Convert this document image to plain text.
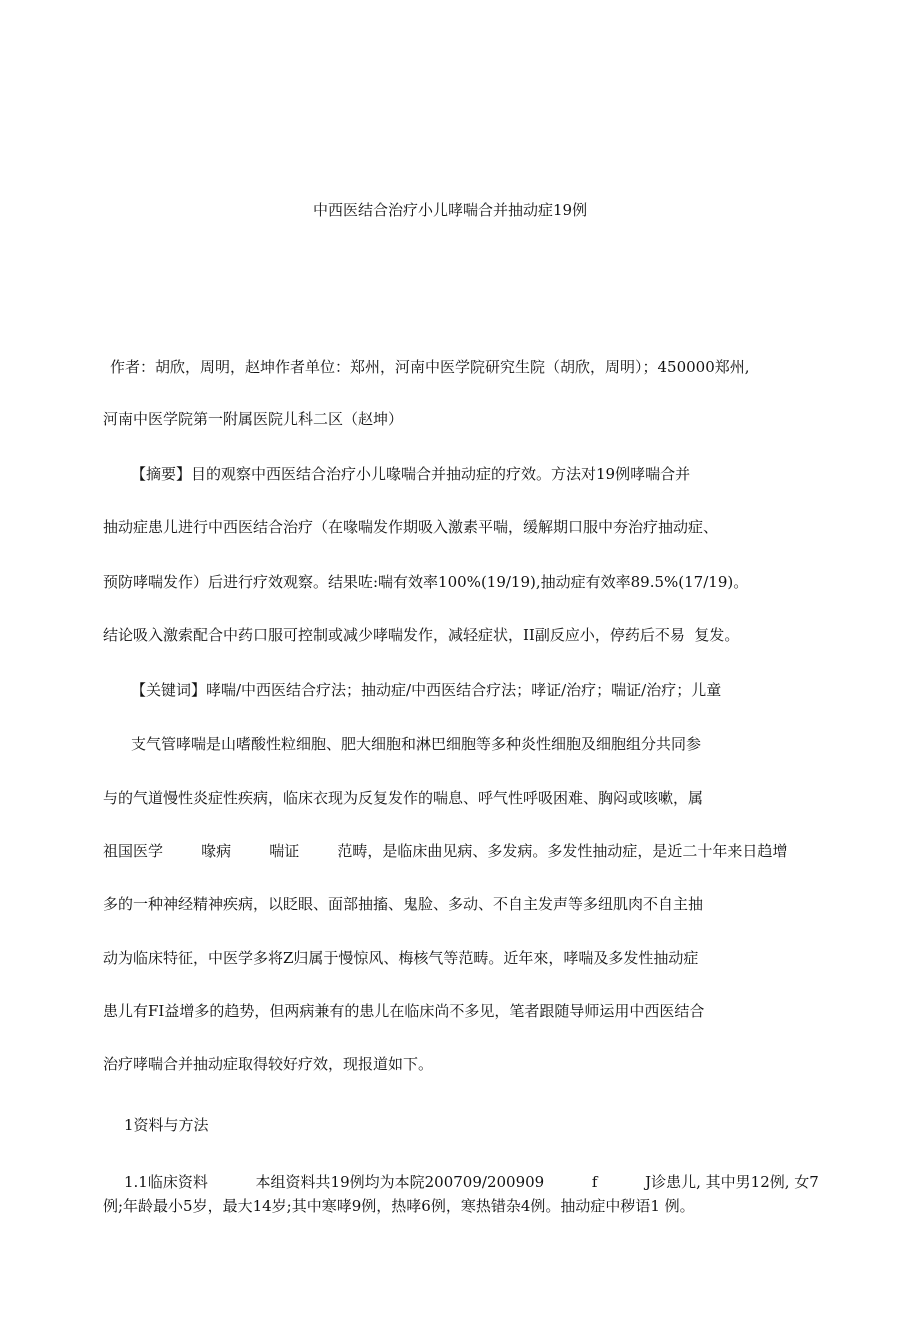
中西医结合治疗小儿哮喘合并抽动症19例

作者：胡欣，周明，赵坤作者单位：郑州，河南中医学院研究生院（胡欣，周明）；450000郑州,

河南中医学院第一附属医院儿科二区（赵坤）

【摘要】目的观察中西医结合治疗小儿喙喘合并抽动症的疗效。方法对19例哮喘合并

抽动症患儿进行中西医结合治疗（在喙喘发作期吸入激素平喘，缓解期口服中夯治疗抽动症、

预防哮喘发作）后进行疗效观察。结果咗:喘有效率100%(19/19),抽动症有效率89.5%(17/19)。

结论吸入激索配合中药口服可控制或减少哮喘发作，减轻症状，II副反应小，停药后不易  复发。

【关键词】哮喘/中西医结合疗法；抽动症/中西医结合疗法；哮证/治疗；喘证/治疗；儿童

支气管哮喘是山嗜酸性粒细胞、肥大细胞和淋巴细胞等多种炎性细胞及细胞组分共同参

与的气道慢性炎症性疾病，临床衣现为反复发作的喘息、呼气性呼吸困难、胸闷或咳嗽，属

祖国医学        喙病        喘证        范畴，是临床曲见病、多发病。多发性抽动症，是近二十年来日趋增

多的一种神经精神疾病，以眨眼、面部抽搐、鬼脸、多动、不自主发声等多纽肌肉不自主抽

动为临床特征，中医学多将Z归属于慢惊风、梅核气等范畴。近年來，哮喘及多发性抽动症

患儿有FI益增多的趋势，但两病兼有的患儿在临床尚不多见，笔者跟随导师运用中西医结合

治疗哮喘合并抽动症取得较好疗效，现报道如下。

1资料与方法

1.1临床资料          本组资料共19例均为本院200709/200909          f          J诊患儿, 其中男12例, 女7

例;年龄最小5岁，最大14岁;其中寒哮9例，热哮6例，寒热错杂4例。抽动症中秽语1 例。
